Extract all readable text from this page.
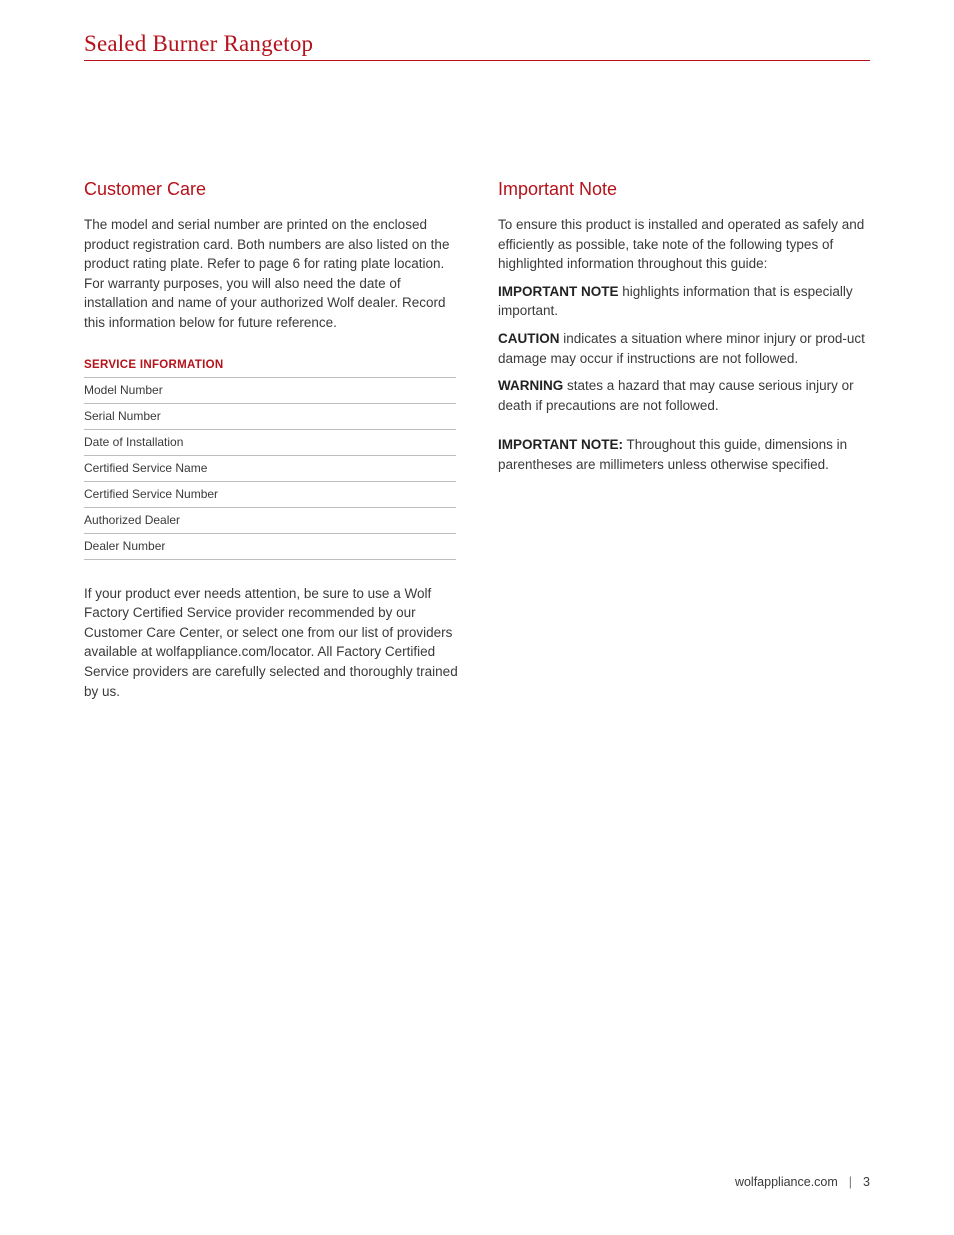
Sealed Burner Rangetop
Customer Care

The model and serial number are printed on the enclosed product registration card. Both numbers are also listed on the product rating plate. Refer to page 6 for rating plate location. For warranty purposes, you will also need the date of installation and name of your authorized Wolf dealer. Record this information below for future reference.

SERVICE INFORMATION
Model Number
Serial Number
Date of Installation
Certified Service Name
Certified Service Number
Authorized Dealer
Dealer Number

If your product ever needs attention, be sure to use a Wolf Factory Certified Service provider recommended by our Customer Care Center, or select one from our list of providers available at wolfappliance.com/locator. All Factory Certified Service providers are carefully selected and thoroughly trained by us.

Important Note

To ensure this product is installed and operated as safely and efficiently as possible, take note of the following types of highlighted information throughout this guide:

IMPORTANT NOTE highlights information that is especially important.

CAUTION indicates a situation where minor injury or prod-uct damage may occur if instructions are not followed.

WARNING states a hazard that may cause serious injury or death if precautions are not followed.

IMPORTANT NOTE: Throughout this guide, dimensions in parentheses are millimeters unless otherwise specified.

wolfappliance.com | 3
